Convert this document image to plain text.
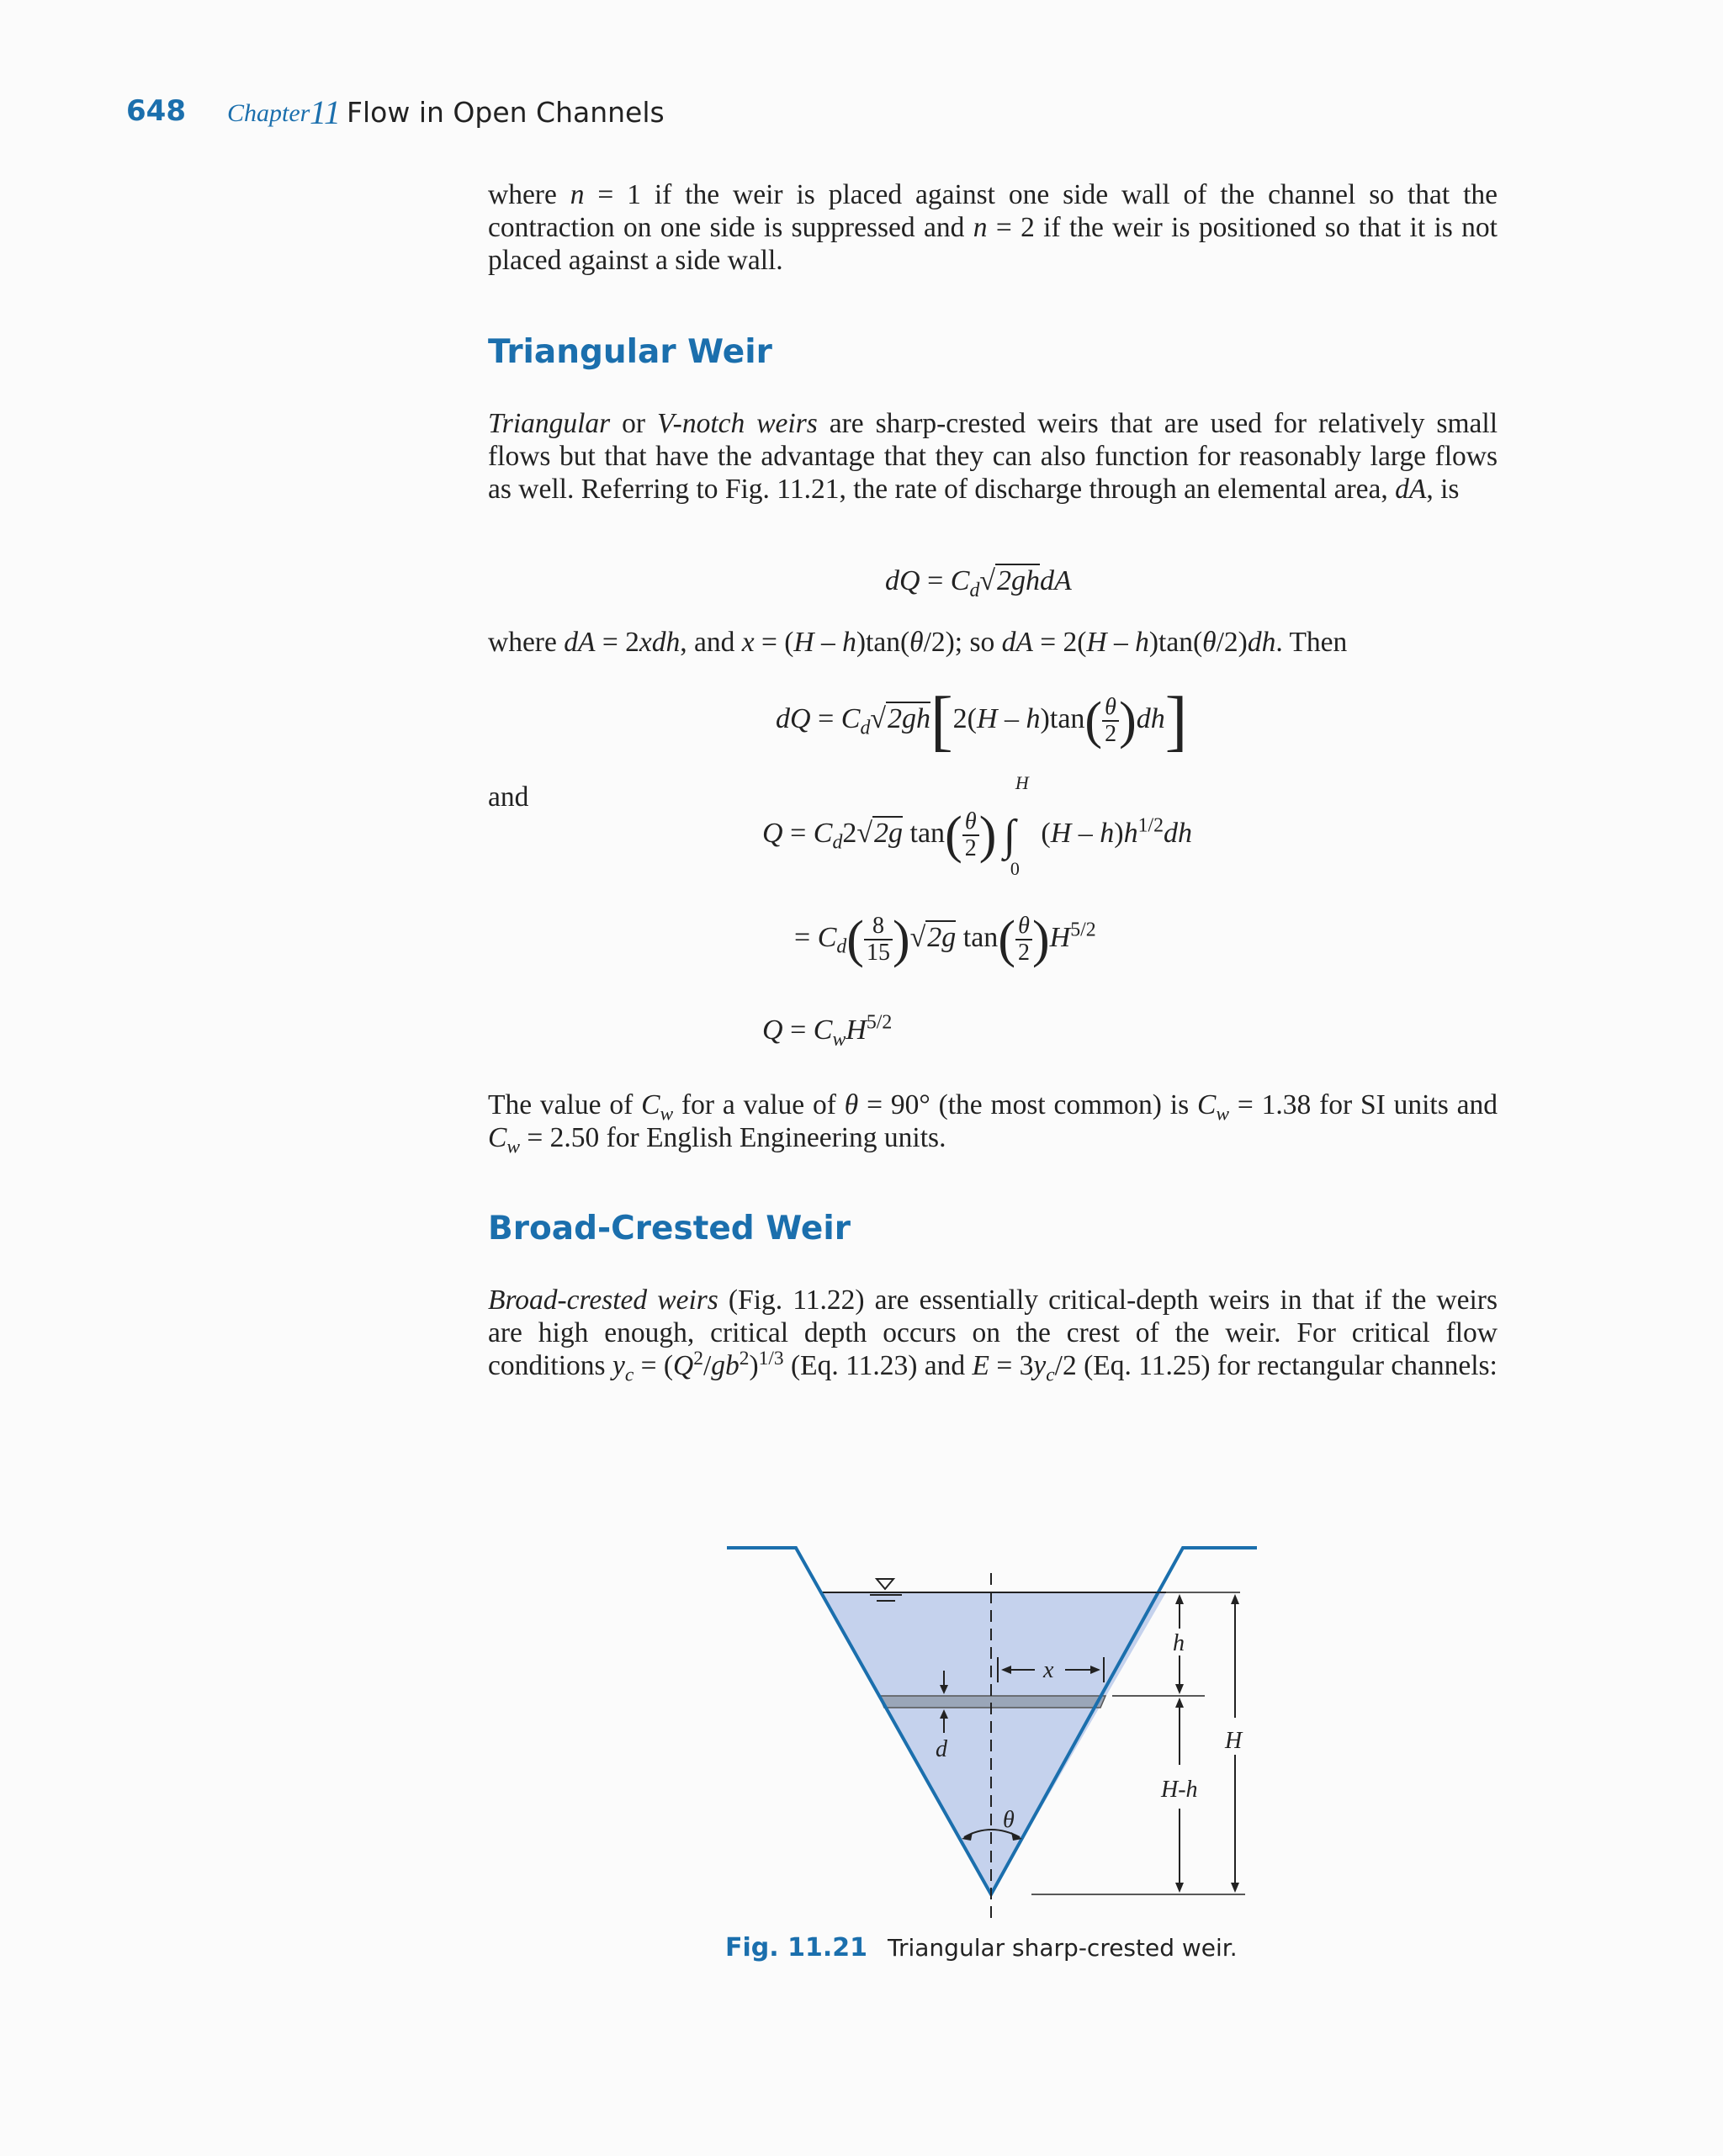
648 Chapter 11 Flow in Open Channels
where n = 1 if the weir is placed against one side wall of the channel so that the contraction on one side is suppressed and n = 2 if the weir is positioned so that it is not placed against a side wall.
Triangular Weir
Triangular or V-notch weirs are sharp-crested weirs that are used for relatively small flows but that have the advantage that they can also function for reasonably large flows as well. Referring to Fig. 11.21, the rate of discharge through an elemental area, dA, is
dQ = $C_d√2ghdA$
where dA = 2xdh, and x = (H – h)tan(θ/2); so dA = 2(H – h)tan(θ/2)dh. Then
dQ = $C_d√2gh[2(H - h)\tan( \frac{\theta}{2} )dh]$
and
$Q = C_d2√2g$ $\tan( \frac{\theta}{2}$ )
H
∫
0
$(H - h)h^{1/2}dh$
= $C_d( \frac{8}{15} )√2g$ $\tan( \frac{\theta}{2} )H^{5/2}$
$Q = C_wH^{5/2}$
The value of $C_w$ for a value of θ = 90° (the most common) is $C_w = 1.38$ for SI units and $C_w = 2.50$ for English Engineering units.
Broad-Crested Weir
Broad-crested weirs (Fig. 11.22) are essentially critical-depth weirs in that if the weirs are high enough, critical depth occurs on the crest of the weir. For critical flow conditions $y_c = (Q^2/gb^2)^{1/3}$ (Eq. 11.23) and $E = 3y_c/2$ (Eq. 11.25) for rectangular channels:
x
d
θ
h
H-h
H
Fig. 11.21 Triangular sharp-crested weir.
